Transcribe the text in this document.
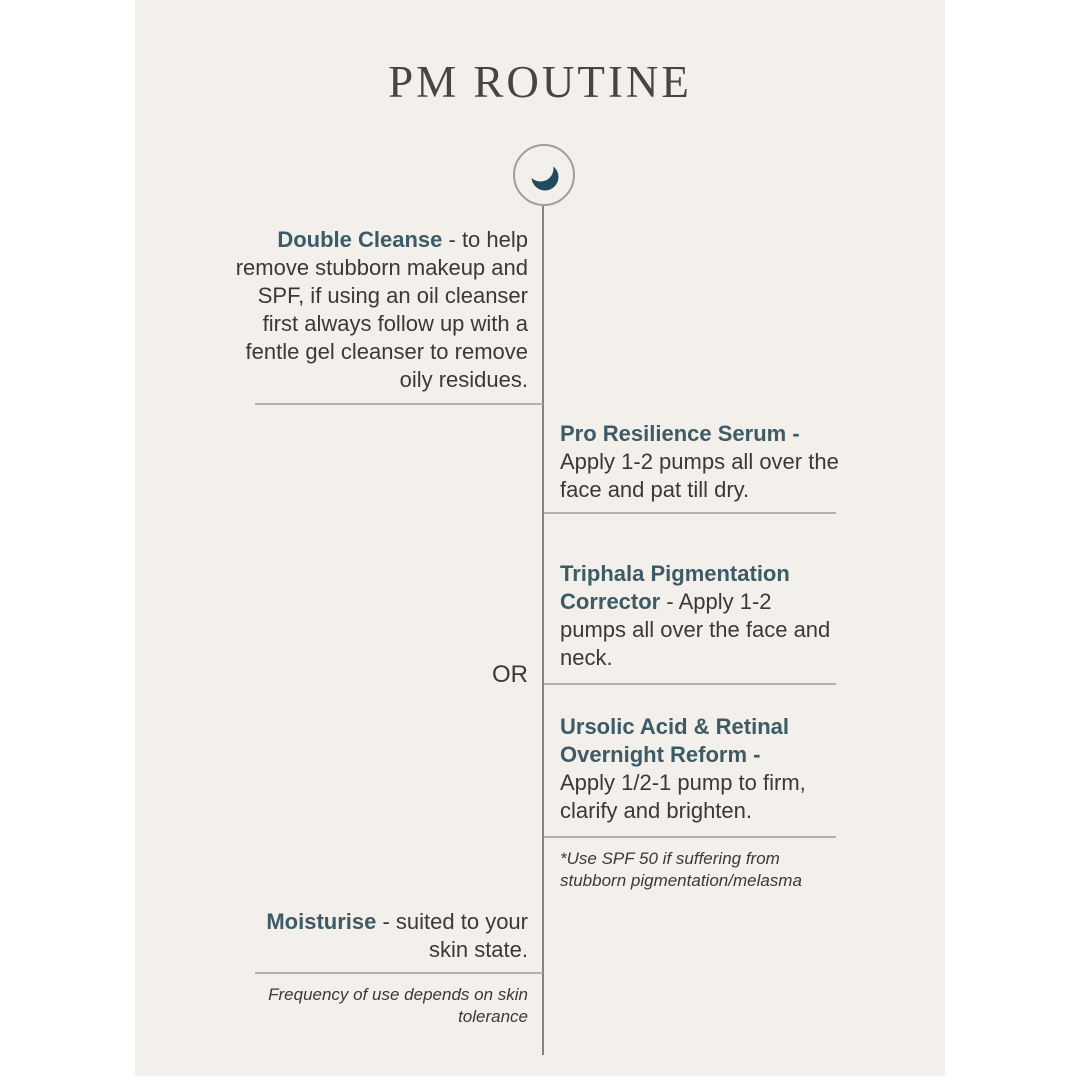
PM ROUTINE
Double Cleanse - to help remove stubborn makeup and SPF, if using an oil cleanser first always follow up with a fentle gel cleanser to remove oily residues.
Pro Resilience Serum -
Apply 1-2 pumps all over the face and pat till dry.
Triphala Pigmentation Corrector - Apply 1-2 pumps all over the face and neck.
OR
Ursolic Acid & Retinal Overnight Reform -
Apply 1/2-1 pump to firm, clarify and brighten.
*Use SPF 50 if suffering from stubborn pigmentation/melasma
Moisturise - suited to your skin state.
Frequency of use depends on skin tolerance
